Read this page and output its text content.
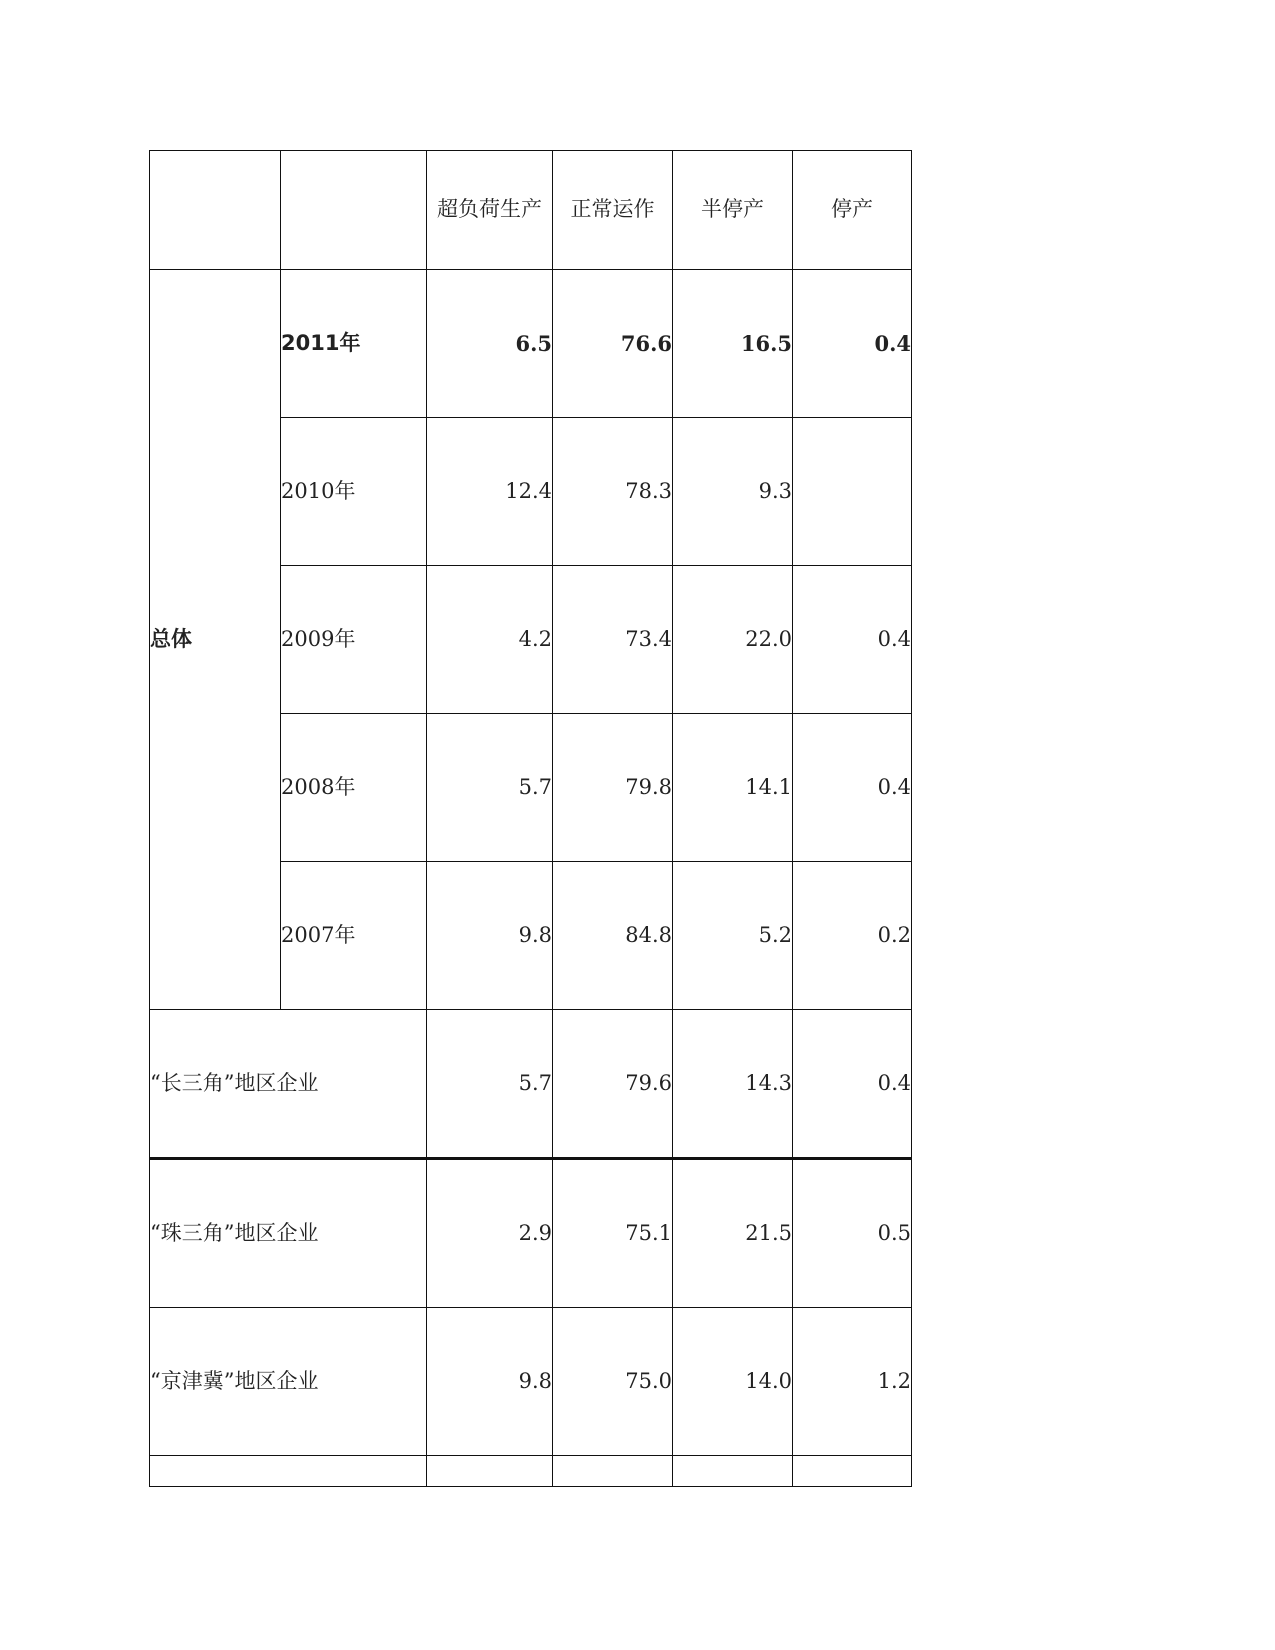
		超负荷生产	正常运作	半停产	停产
总体	2011年	6.5	76.6	16.5	0.4
	2010年	12.4	78.3	9.3	
	2009年	4.2	73.4	22.0	0.4
	2008年	5.7	79.8	14.1	0.4
	2007年	9.8	84.8	5.2	0.2
“长三角”地区企业		5.7	79.6	14.3	0.4
“珠三角”地区企业		2.9	75.1	21.5	0.5
“京津冀”地区企业		9.8	75.0	14.0	1.2
